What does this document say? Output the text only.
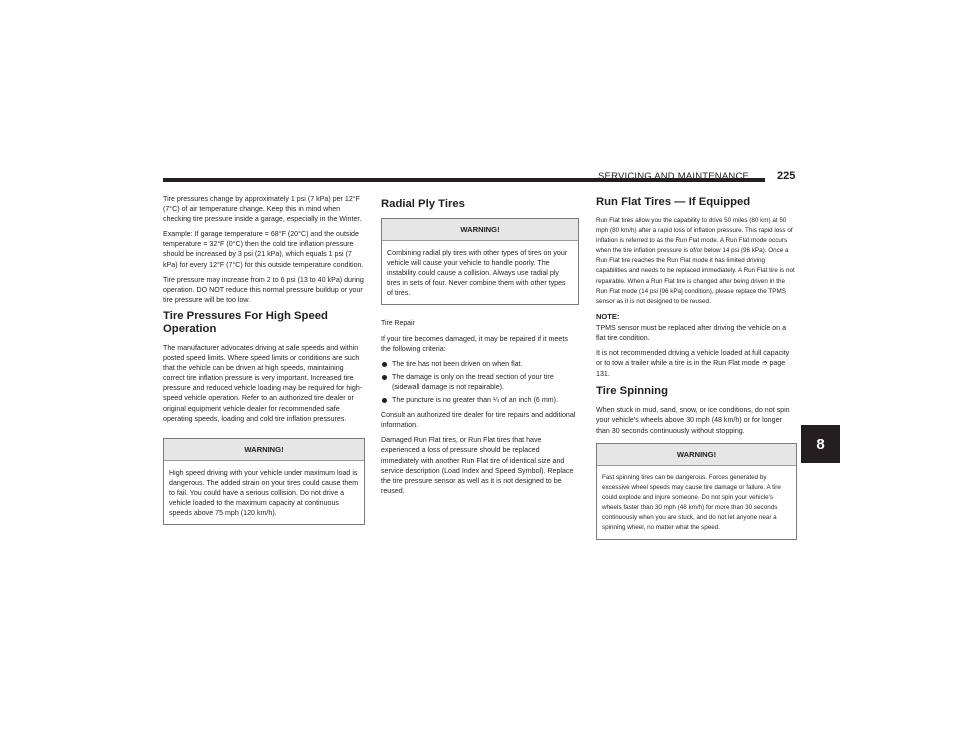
SERVICING AND MAINTENANCE	225

Tire pressures change by approximately 1 psi (7 kPa) per 12°F (7°C) of air temperature change. Keep this in mind when checking tire pressure inside a garage, especially in the Winter.

Example: If garage temperature = 68°F (20°C) and the outside temperature = 32°F (0°C) then the cold tire inflation pressure should be increased by 3 psi (21 kPa), which equals 1 psi (7 kPa) for every 12°F (7°C) for this outside temperature condition.

Tire pressure may increase from 2 to 6 psi (13 to 40 kPa) during operation. DO NOT reduce this normal pressure buildup or your tire pressure will be too low.

Tire Pressures For High Speed Operation

The manufacturer advocates driving at safe speeds and within posted speed limits. Where speed limits or conditions are such that the vehicle can be driven at high speeds, maintaining correct tire inflation pressure is very important. Increased tire pressure and reduced vehicle loading may be required for high-speed vehicle operation. Refer to an authorized tire dealer or original equipment vehicle dealer for recommended safe operating speeds, loading and cold tire inflation pressures.

WARNING!

High speed driving with your vehicle under maximum load is dangerous. The added strain on your tires could cause them to fail. You could have a serious collision. Do not drive a vehicle loaded to the maximum capacity at continuous speeds above 75 mph (120 km/h).

Radial Ply Tires
WARNING!

Combining radial ply tires with other types of tires on your vehicle will cause your vehicle to handle poorly. The instability could cause a collision. Always use radial ply tires in sets of four. Never combine them with other types of tires.

Tire Repair

If your tire becomes damaged, it may be repaired if it meets the following criteria:

The tire has not been driven on when flat.
The damage is only on the tread section of your tire (sidewall damage is not repairable).
The puncture is no greater than ¼ of an inch (6 mm).

Consult an authorized tire dealer for tire repairs and additional information.

Damaged Run Flat tires, or Run Flat tires that have experienced a loss of pressure should be replaced immediately with another Run Flat tire of identical size and service description (Load Index and Speed Symbol). Replace the tire pressure sensor as well as it is not designed to be reused.

Run Flat Tires — If Equipped

Run Flat tires allow you the capability to drive 50 miles (80 km) at 50 mph (80 km/h) after a rapid loss of inflation pressure. This rapid loss of inflation is referred to as the Run Flat mode. A Run Flat mode occurs when the tire inflation pressure is of/or below 14 psi (96 kPa). Once a Run Flat tire reaches the Run Flat mode it has limited driving capabilities and needs to be replaced immediately. A Run Flat tire is not repairable. When a Run Flat tire is changed after being driven in the Run Flat mode (14 psi [96 kPa] condition), please replace the TPMS sensor as it is not designed to be reused.

NOTE:

TPMS sensor must be replaced after driving the vehicle on a flat tire condition.

It is not recommended driving a vehicle loaded at full capacity or to tow a trailer while a tire is in the Run Flat mode ➮ page 131.

Tire Spinning

When stuck in mud, sand, snow, or ice conditions, do not spin your vehicle's wheels above 30 mph (48 km/h) or for longer than 30 seconds continuously without stopping.

WARNING!

Fast spinning tires can be dangerous. Forces generated by excessive wheel speeds may cause tire damage or failure. A tire could explode and injure someone. Do not spin your vehicle's wheels faster than 30 mph (48 km/h) for more than 30 seconds continuously when you are stuck, and do not let anyone near a spinning wheel, no matter what the speed.

8
